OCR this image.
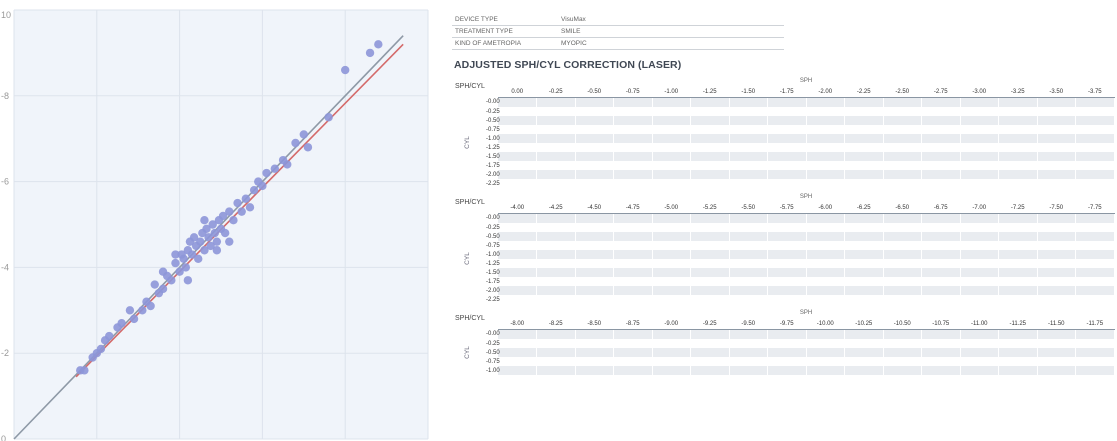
10
-8
-6
-4
-2
0
DEVICE TYPE	VisuMax
TREATMENT TYPE	SMILE
KIND OF AMETROPIA	MYOPIC
ADJUSTED SPH/CYL CORRECTION (LASER)
SPH/CYL		SPH															
		0.00	-0.25	-0.50	-0.75	-1.00	-1.25	-1.50	-1.75	-2.00	-2.25	-2.50	-2.75	-3.00	-3.25	-3.50	-3.75
CYL	-0.00																
	-0.25																
	-0.50																
	-0.75																
	-1.00																
	-1.25																
	-1.50																
	-1.75																
	-2.00																
	-2.25																
SPH/CYL		SPH															
		-4.00	-4.25	-4.50	-4.75	-5.00	-5.25	-5.50	-5.75	-6.00	-6.25	-6.50	-6.75	-7.00	-7.25	-7.50	-7.75
CYL	-0.00																
	-0.25																
	-0.50																
	-0.75																
	-1.00																
	-1.25																
	-1.50																
	-1.75																
	-2.00																
	-2.25																
SPH/CYL		SPH															
		-8.00	-8.25	-8.50	-8.75	-9.00	-9.25	-9.50	-9.75	-10.00	-10.25	-10.50	-10.75	-11.00	-11.25	-11.50	-11.75
CYL	-0.00																
	-0.25																
	-0.50																
	-0.75																
	-1.00																
